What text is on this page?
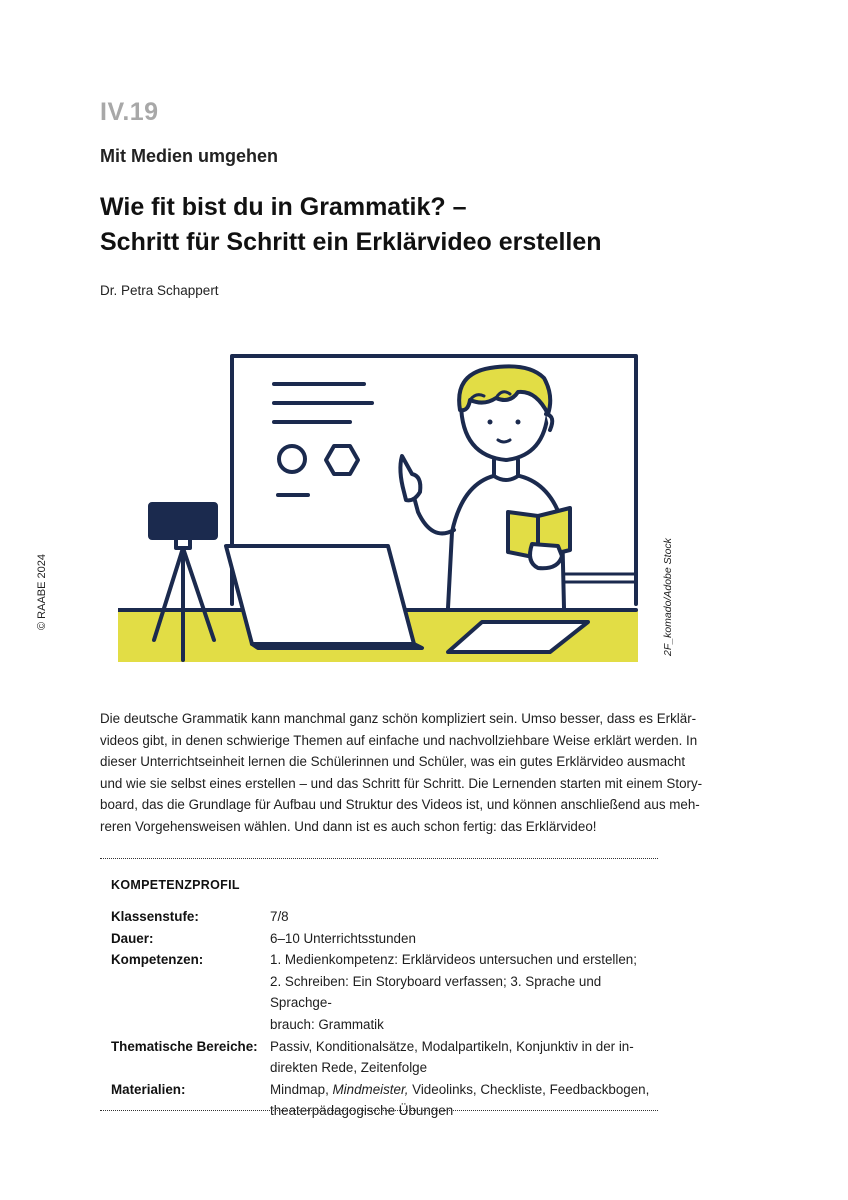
IV.19
Mit Medien umgehen
Wie fit bist du in Grammatik? –
Schritt für Schritt ein Erklärvideo erstellen
Dr. Petra Schappert
© RAABE 2024	2F_komado/Adobe Stock
Die deutsche Grammatik kann manchmal ganz schön kompliziert sein. Umso besser, dass es Erklär-
videos gibt, in denen schwierige Themen auf einfache und nachvollziehbare Weise erklärt werden. In
dieser Unterrichtseinheit lernen die Schülerinnen und Schüler, was ein gutes Erklärvideo ausmacht
und wie sie selbst eines erstellen – und das Schritt für Schritt. Die Lernenden starten mit einem Story-
board, das die Grundlage für Aufbau und Struktur des Videos ist, und können anschließend aus meh-
reren Vorgehensweisen wählen. Und dann ist es auch schon fertig: das Erklärvideo!
KOMPETENZPROFIL
Klassenstufe:	7/8
Dauer:	6–10 Unterrichtsstunden
Kompetenzen:	1. Medienkompetenz: Erklärvideos untersuchen und erstellen;
2. Schreiben: Ein Storyboard verfassen; 3. Sprache und Sprachge-
brauch: Grammatik
Thematische Bereiche: Passiv, Konditionalsätze, Modalpartikeln, Konjunktiv in der in-
direkten Rede, Zeitenfolge
Materialien:	Mindmap, Mindmeister, Videolinks, Checkliste, Feedbackbogen,
theaterpädagogische Übungen
